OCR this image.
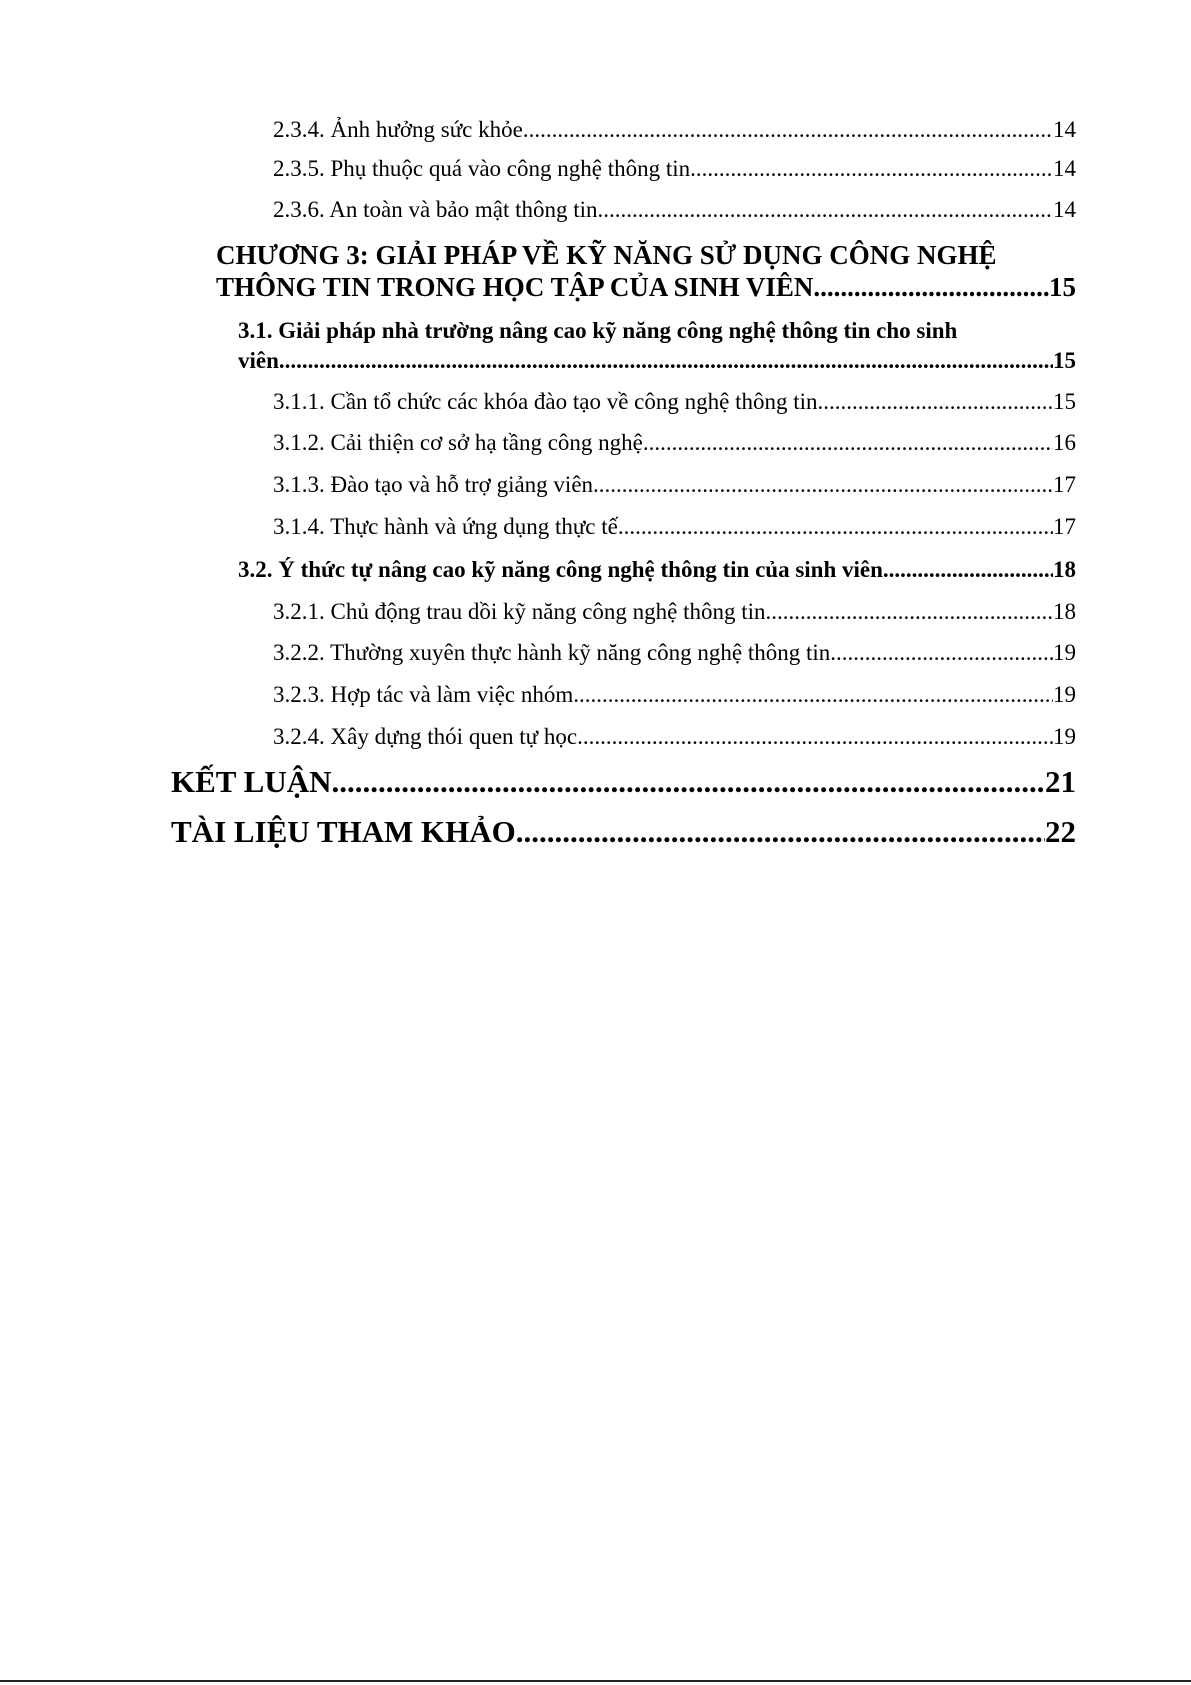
2.3.4. Ảnh hưởng sức khỏe .....	14
2.3.5. Phụ thuộc quá vào công nghệ thông tin .....	14
2.3.6. An toàn và bảo mật thông tin .....	14
CHƯƠNG 3: GIẢI PHÁP VỀ KỸ NĂNG SỬ DỤNG CÔNG NGHỆ
THÔNG TIN TRONG HỌC TẬP CỦA SINH VIÊN .....	15
3.1. Giải pháp nhà trường nâng cao kỹ năng công nghệ thông tin cho sinh
viên .....	15
3.1.1. Cần tổ chức các khóa đào tạo về công nghệ thông tin .....	15
3.1.2. Cải thiện cơ sở hạ tầng công nghệ .....	16
3.1.3. Đào tạo và hỗ trợ giảng viên .....	17
3.1.4. Thực hành và ứng dụng thực tế .....	17
3.2. Ý thức tự nâng cao kỹ năng công nghệ thông tin của sinh viên .....	18
3.2.1. Chủ động trau dồi kỹ năng công nghệ thông tin .....	18
3.2.2. Thường xuyên thực hành kỹ năng công nghệ thông tin .....	19
3.2.3. Hợp tác và làm việc nhóm .....	19
3.2.4. Xây dựng thói quen tự học .....	19
KẾT LUẬN .....	21
TÀI LIỆU THAM KHẢO .....	22
